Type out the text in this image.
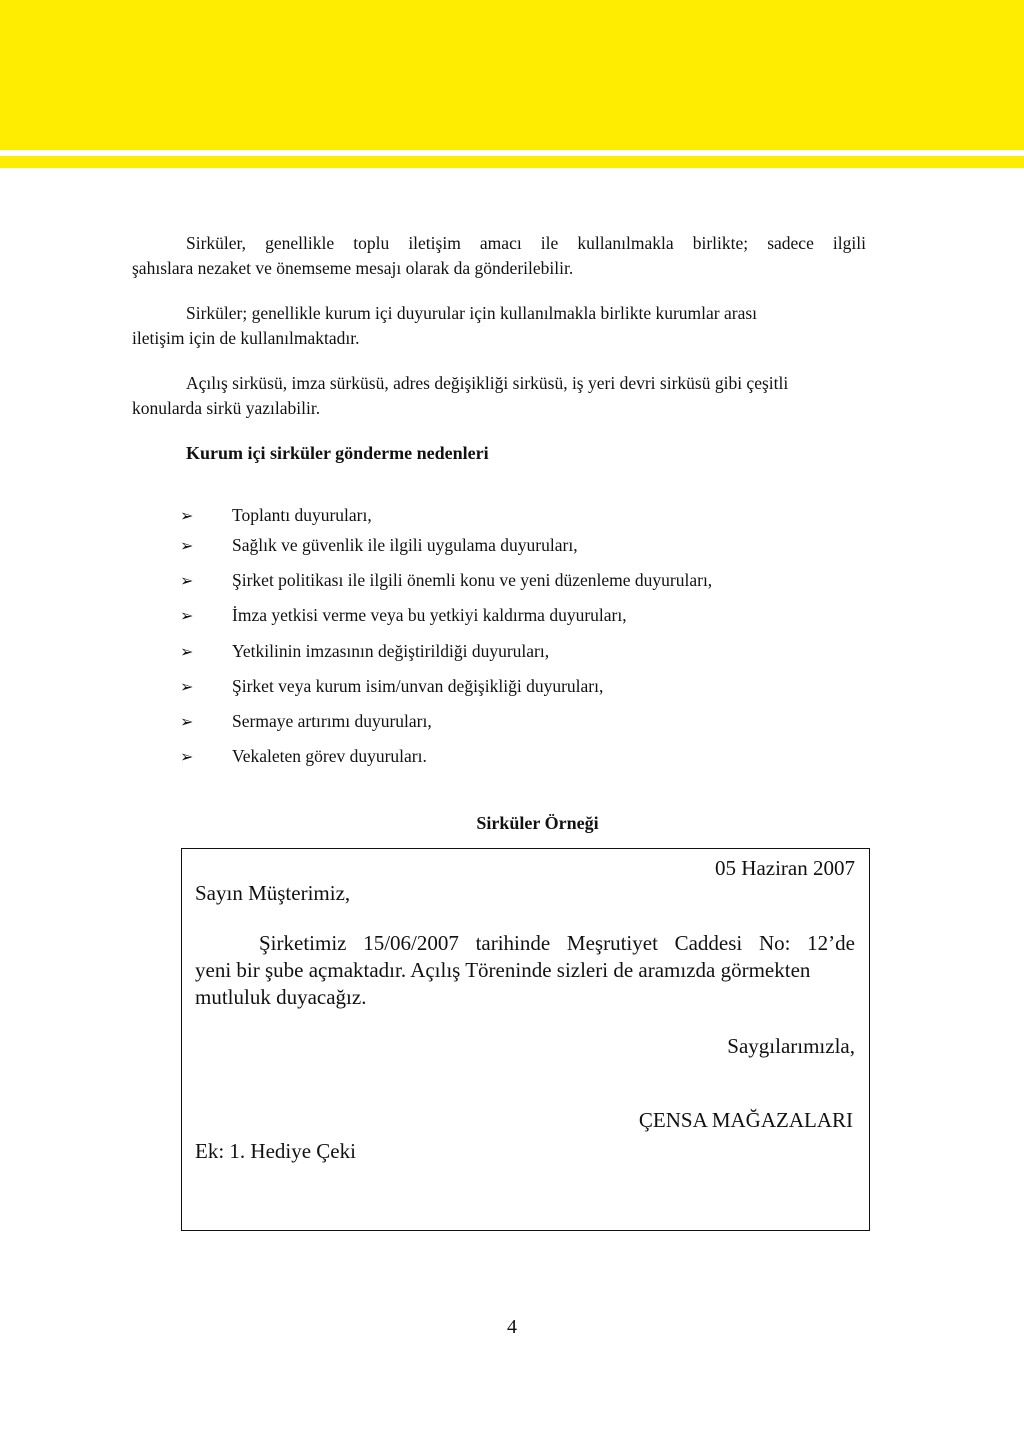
Sirküler, genellikle toplu iletişim amacı ile kullanılmakla birlikte; sadece ilgili
şahıslara nezaket ve önemseme mesajı olarak da gönderilebilir.

Sirküler; genellikle kurum içi duyurular için kullanılmakla birlikte kurumlar arası
iletişim için de kullanılmaktadır.

Açılış sirküsü, imza sürküsü, adres değişikliği sirküsü, iş yeri devri sirküsü gibi çeşitli
konularda sirkü yazılabilir.

Kurum içi sirküler gönderme nedenleri
➢ Toplantı duyuruları,
➢ Sağlık ve güvenlik ile ilgili uygulama duyuruları,
➢ Şirket politikası ile ilgili önemli konu ve yeni düzenleme duyuruları,
➢ İmza yetkisi verme veya bu yetkiyi kaldırma duyuruları,
➢ Yetkilinin imzasının değiştirildiği duyuruları,
➢ Şirket veya kurum isim/unvan değişikliği duyuruları,
➢ Sermaye artırımı duyuruları,
➢ Vekaleten görev duyuruları.
Sirküler Örneği
05 Haziran 2007
Sayın Müşterimiz,

Şirketimiz 15/06/2007 tarihinde Meşrutiyet Caddesi No: 12’de
yeni bir şube açmaktadır. Açılış Töreninde sizleri de aramızda görmekten
mutluluk duyacağız.

Saygılarımızla,
ÇENSA MAĞAZALARI
Ek: 1. Hediye Çeki
4
